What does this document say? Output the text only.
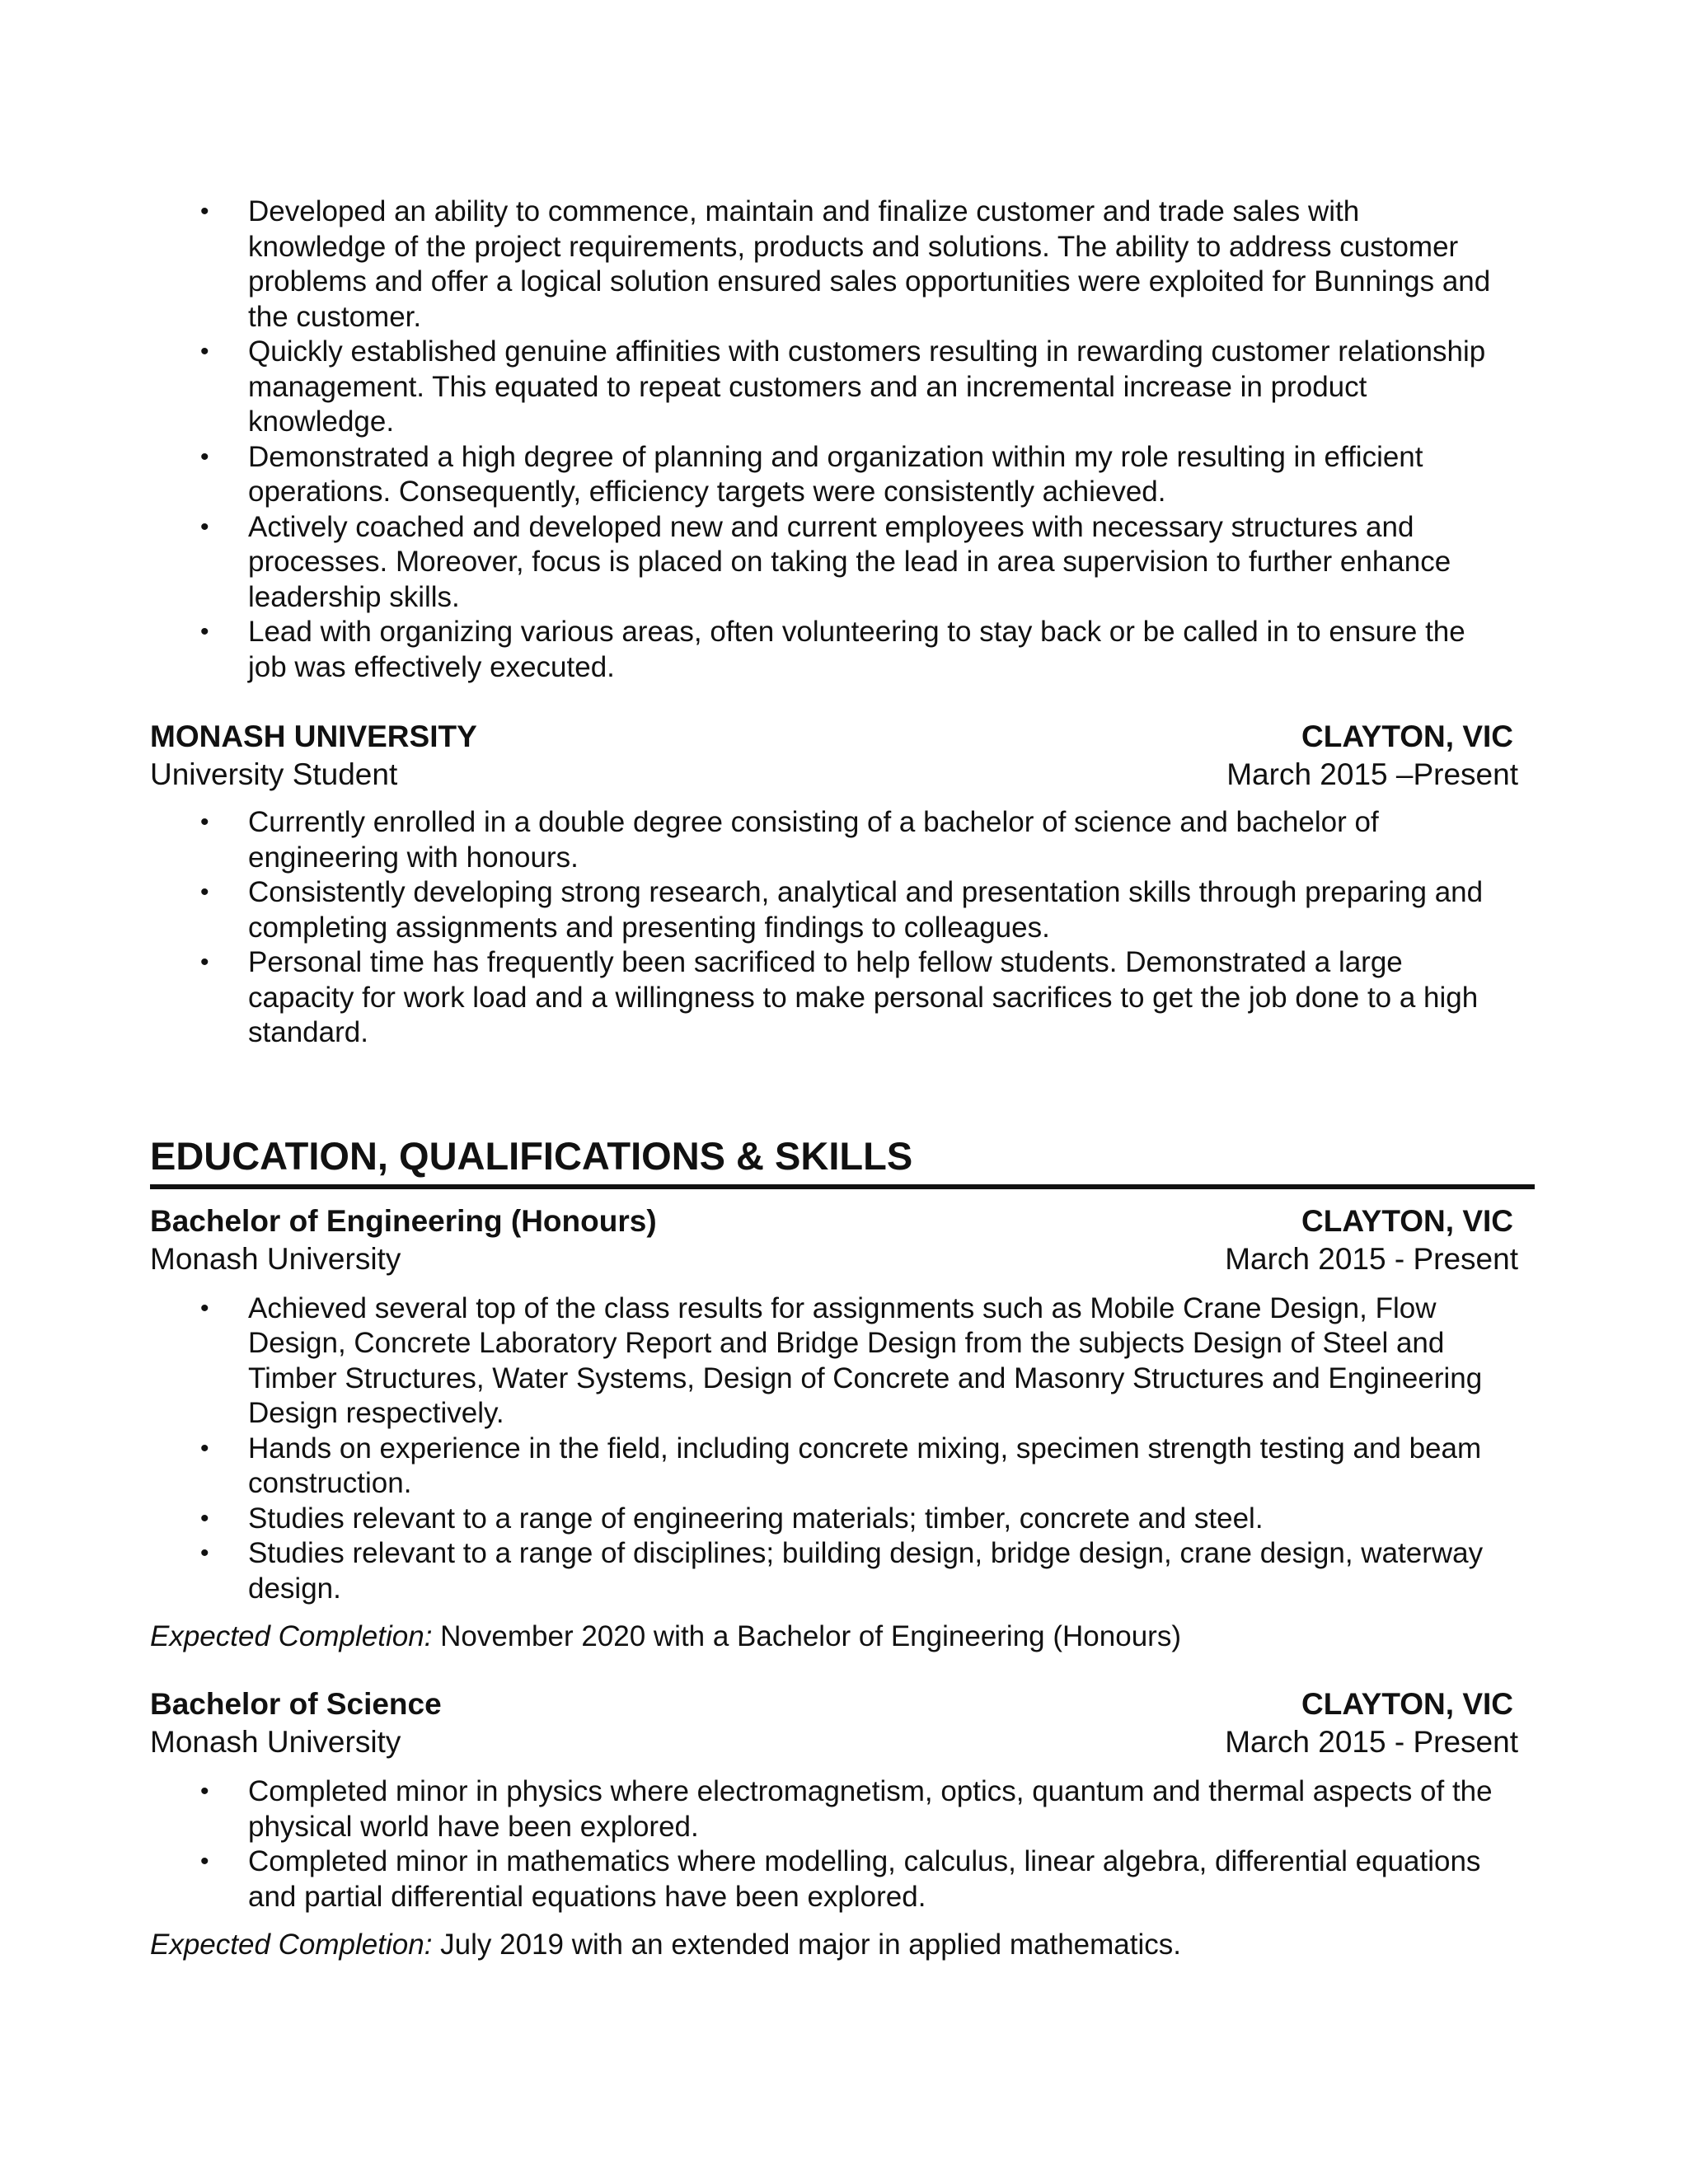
• Developed an ability to commence, maintain and finalize customer and trade sales with knowledge of the project requirements, products and solutions. The ability to address customer problems and offer a logical solution ensured sales opportunities were exploited for Bunnings and the customer.
• Quickly established genuine affinities with customers resulting in rewarding customer relationship management. This equated to repeat customers and an incremental increase in product knowledge.
• Demonstrated a high degree of planning and organization within my role resulting in efficient operations. Consequently, efficiency targets were consistently achieved.
• Actively coached and developed new and current employees with necessary structures and processes. Moreover, focus is placed on taking the lead in area supervision to further enhance leadership skills.
• Lead with organizing various areas, often volunteering to stay back or be called in to ensure the job was effectively executed.
MONASH UNIVERSITY	CLAYTON, VIC
University Student	March 2015 –Present
• Currently enrolled in a double degree consisting of a bachelor of science and bachelor of engineering with honours.
• Consistently developing strong research, analytical and presentation skills through preparing and completing assignments and presenting findings to colleagues.
• Personal time has frequently been sacrificed to help fellow students. Demonstrated a large capacity for work load and a willingness to make personal sacrifices to get the job done to a high standard.
EDUCATION, QUALIFICATIONS & SKILLS
Bachelor of Engineering (Honours)	CLAYTON, VIC
Monash University	March 2015 - Present
• Achieved several top of the class results for assignments such as Mobile Crane Design, Flow Design, Concrete Laboratory Report and Bridge Design from the subjects Design of Steel and Timber Structures, Water Systems, Design of Concrete and Masonry Structures and Engineering Design respectively.
• Hands on experience in the field, including concrete mixing, specimen strength testing and beam construction.
• Studies relevant to a range of engineering materials; timber, concrete and steel.
• Studies relevant to a range of disciplines; building design, bridge design, crane design, waterway design.
Expected Completion: November 2020 with a Bachelor of Engineering (Honours)
Bachelor of Science	CLAYTON, VIC
Monash University	March 2015 - Present
• Completed minor in physics where electromagnetism, optics, quantum and thermal aspects of the physical world have been explored.
• Completed minor in mathematics where modelling, calculus, linear algebra, differential equations and partial differential equations have been explored.
Expected Completion: July 2019 with an extended major in applied mathematics.
